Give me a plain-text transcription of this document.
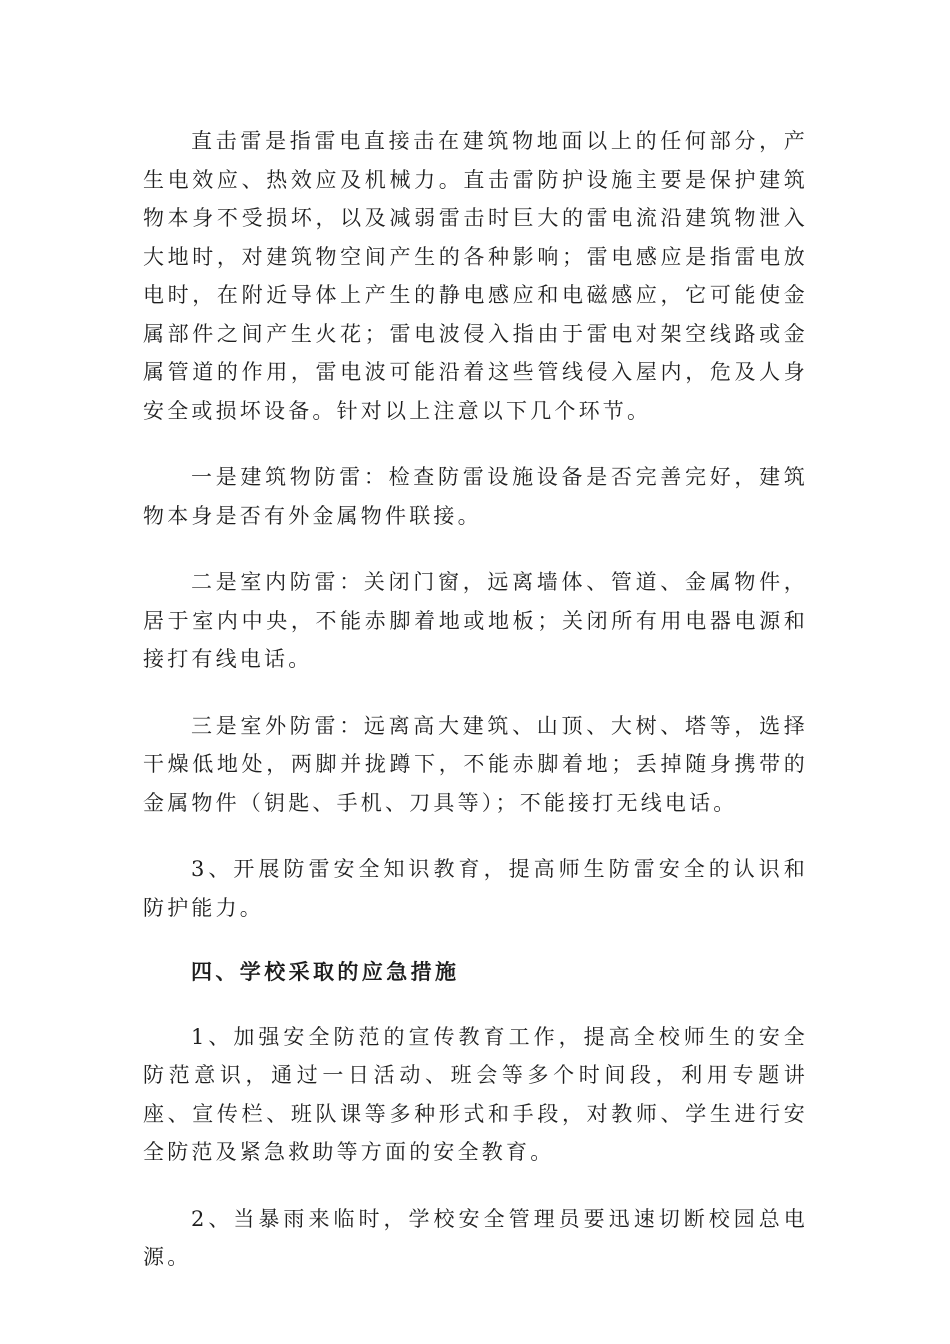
直击雷是指雷电直接击在建筑物地面以上的任何部分，产生电效应、热效应及机械力。直击雷防护设施主要是保护建筑物本身不受损坏，以及减弱雷击时巨大的雷电流沿建筑物泄入大地时，对建筑物空间产生的各种影响；雷电感应是指雷电放电时，在附近导体上产生的静电感应和电磁感应，它可能使金属部件之间产生火花；雷电波侵入指由于雷电对架空线路或金属管道的作用，雷电波可能沿着这些管线侵入屋内，危及人身安全或损坏设备。针对以上注意以下几个环节。

一是建筑物防雷：检查防雷设施设备是否完善完好，建筑物本身是否有外金属物件联接。

二是室内防雷：关闭门窗，远离墙体、管道、金属物件，居于室内中央，不能赤脚着地或地板；关闭所有用电器电源和接打有线电话。

三是室外防雷：远离高大建筑、山顶、大树、塔等，选择干燥低地处，两脚并拢蹲下，不能赤脚着地；丢掉随身携带的金属物件（钥匙、手机、刀具等）；不能接打无线电话。

3、开展防雷安全知识教育，提高师生防雷安全的认识和防护能力。

四、学校采取的应急措施

1、加强安全防范的宣传教育工作，提高全校师生的安全防范意识，通过一日活动、班会等多个时间段，利用专题讲座、宣传栏、班队课等多种形式和手段，对教师、学生进行安全防范及紧急救助等方面的安全教育。

2、当暴雨来临时，学校安全管理员要迅速切断校园总电源。
